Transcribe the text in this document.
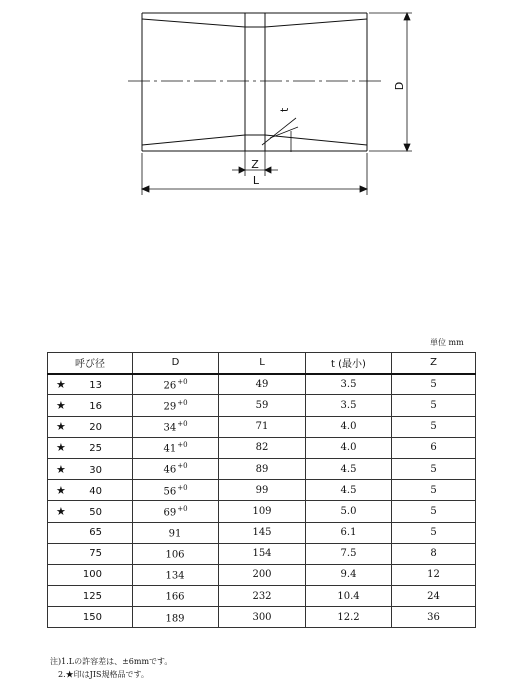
D
t
Z
L
単位 mm
呼び径	D	L	t (最小)	Z
★ 13	$26^{+0}$	49	3.5	5
★ 16	$29^{+0}$	59	3.5	5
★ 20	$34^{+0}$	71	4.0	5
★ 25	$41^{+0}$	82	4.0	6
★ 30	$46^{+0}$	89	4.5	5
★ 40	$56^{+0}$	99	4.5	5
★ 50	$69^{+0}$	109	5.0	5
65	91	145	6.1	5
75	106	154	7.5	8
100	134	200	9.4	12
125	166	232	10.4	24
150	189	300	12.2	36
注)1.Lの許容差は、±6mmです。
2.★印はJIS規格品です。
